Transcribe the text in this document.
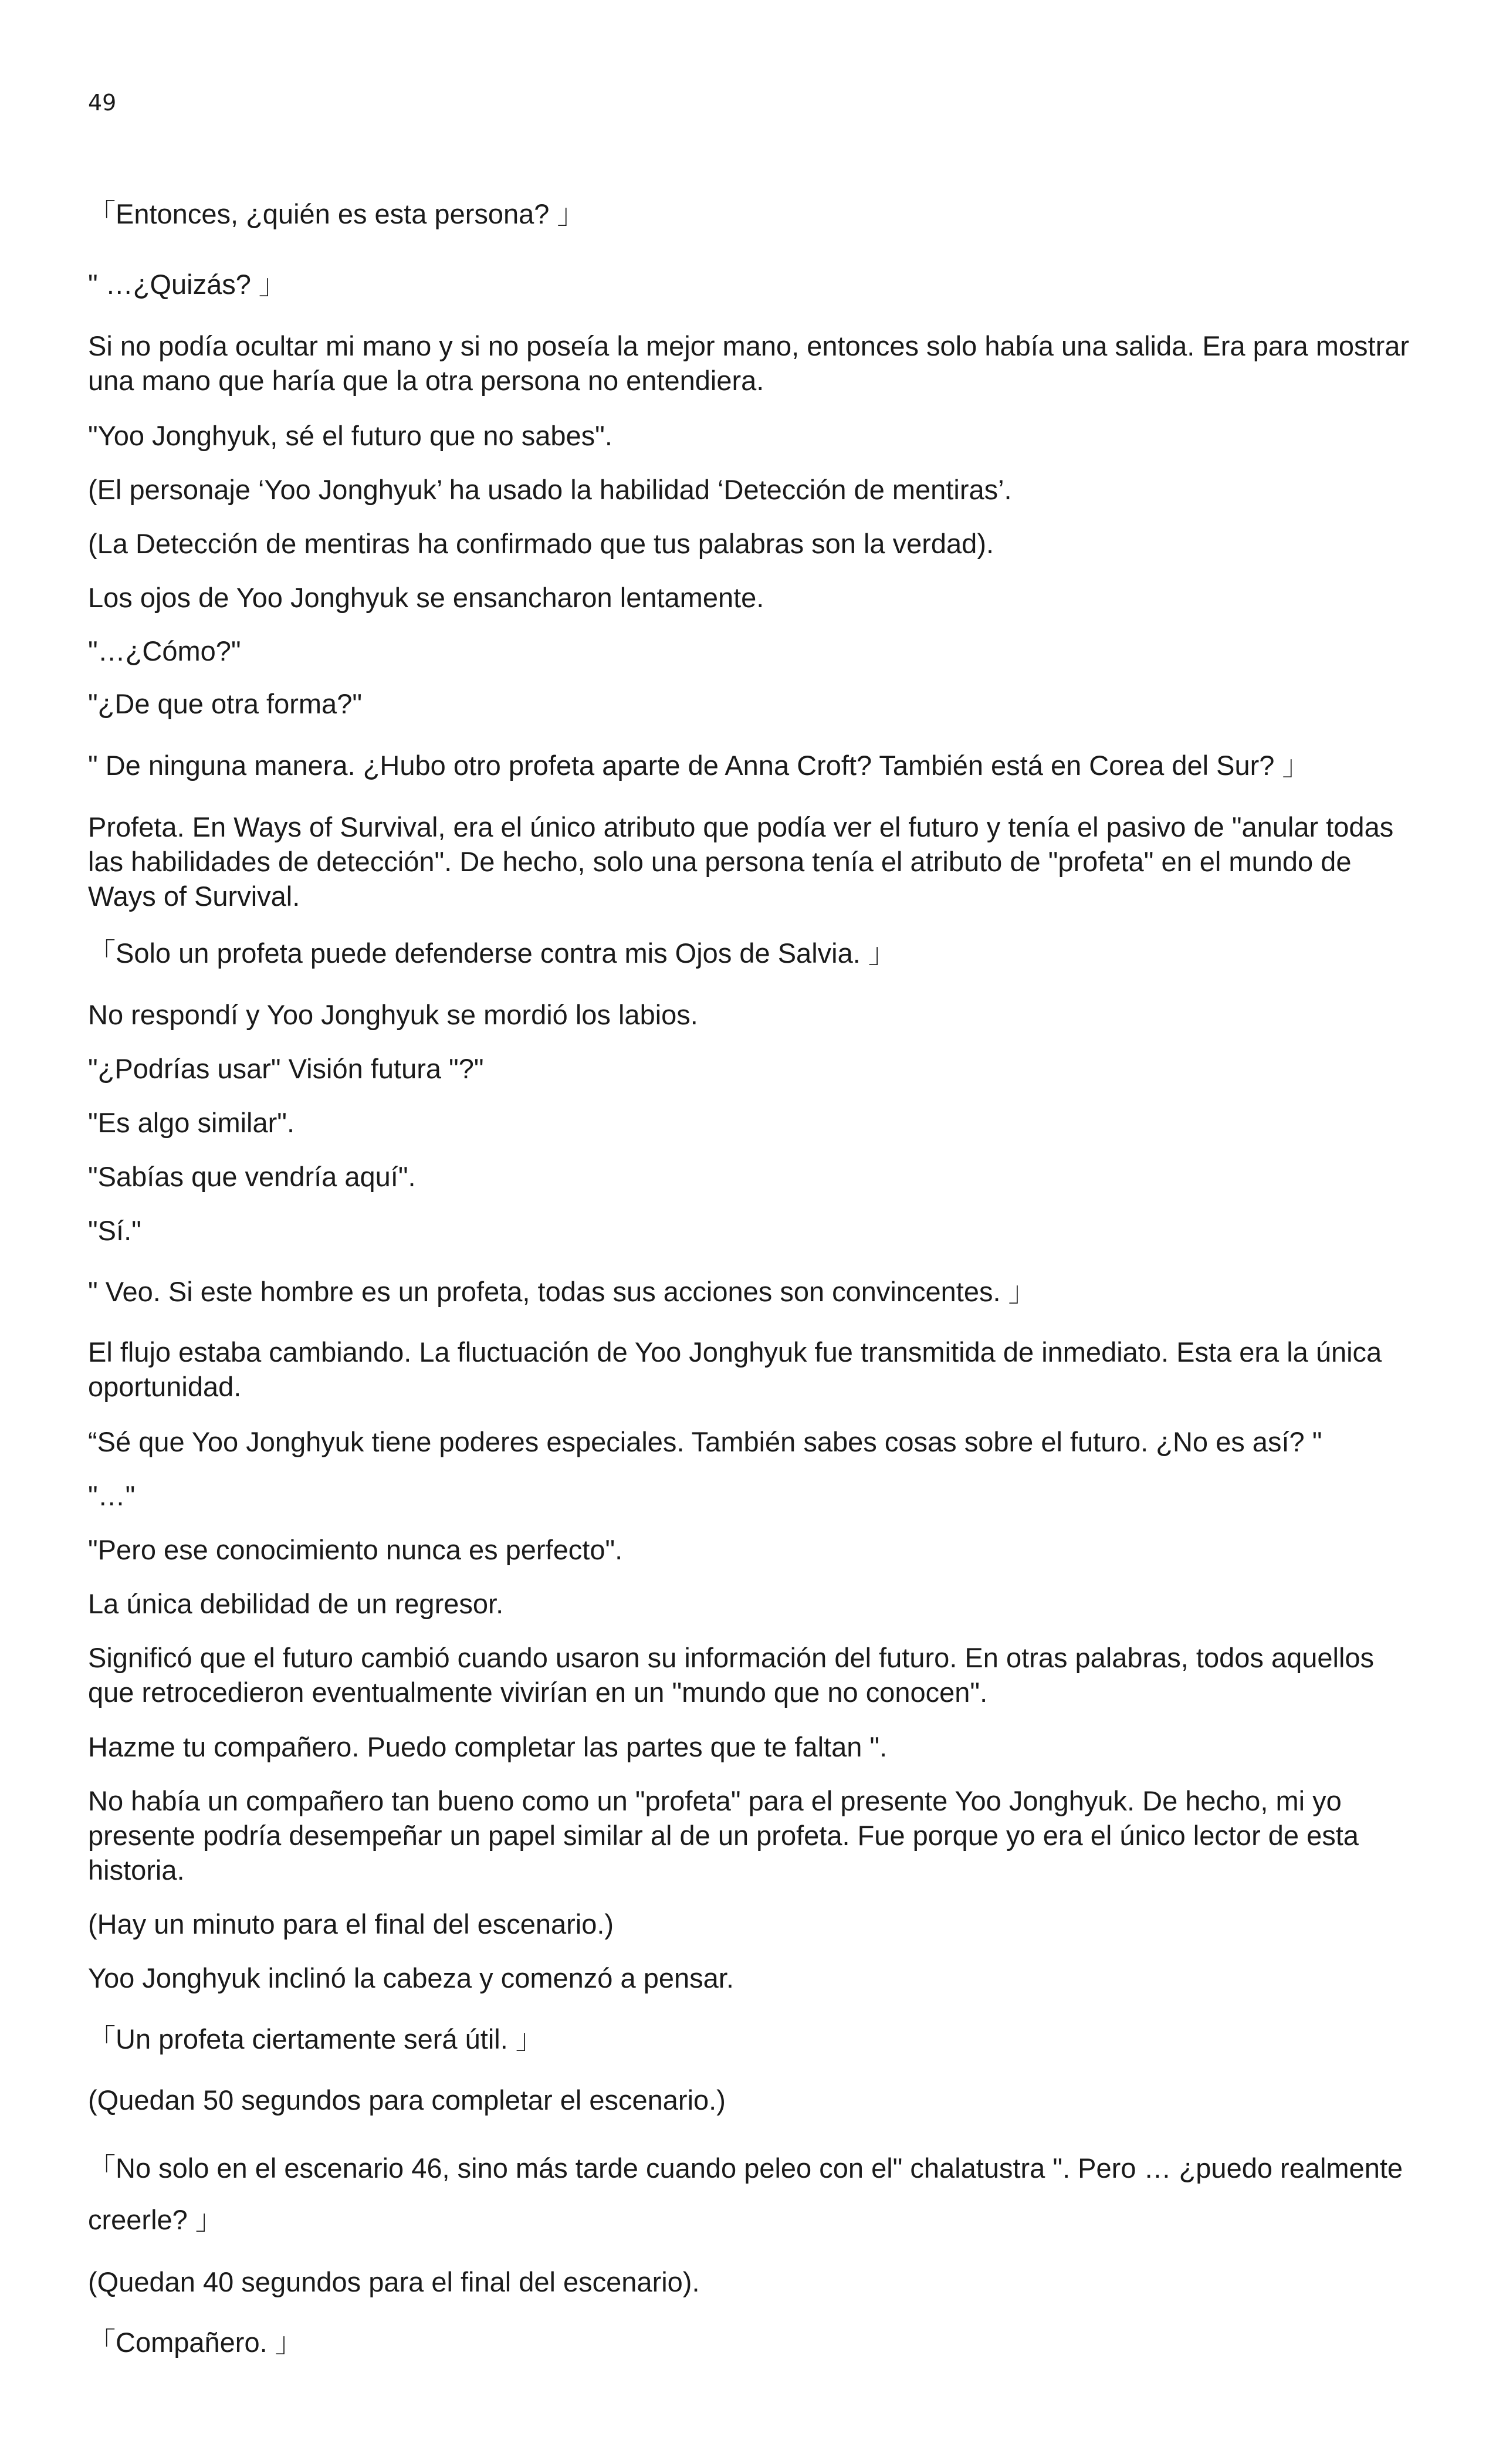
49
「Entonces, ¿quién es esta persona? 」
" …¿Quizás? 」
Si no podía ocultar mi mano y si no poseía la mejor mano, entonces solo había una salida. Era para mostrar una mano que haría que la otra persona no entendiera.
"Yoo Jonghyuk, sé el futuro que no sabes".
(El personaje ‘Yoo Jonghyuk’ ha usado la habilidad ‘Detección de mentiras’.
(La Detección de mentiras ha confirmado que tus palabras son la verdad).
Los ojos de Yoo Jonghyuk se ensancharon lentamente.
"…¿Cómo?"
"¿De que otra forma?"
" De ninguna manera. ¿Hubo otro profeta aparte de Anna Croft? También está en Corea del Sur? 」
Profeta. En Ways of Survival, era el único atributo que podía ver el futuro y tenía el pasivo de "anular todas las habilidades de detección". De hecho, solo una persona tenía el atributo de "profeta" en el mundo de Ways of Survival.
「Solo un profeta puede defenderse contra mis Ojos de Salvia. 」
No respondí y Yoo Jonghyuk se mordió los labios.
"¿Podrías usar" Visión futura "?"
"Es algo similar".
"Sabías que vendría aquí".
"Sí."
" Veo. Si este hombre es un profeta, todas sus acciones son convincentes. 」
El flujo estaba cambiando. La fluctuación de Yoo Jonghyuk fue transmitida de inmediato. Esta era la única oportunidad.
“Sé que Yoo Jonghyuk tiene poderes especiales. También sabes cosas sobre el futuro. ¿No es así? "
"…"
"Pero ese conocimiento nunca es perfecto".
La única debilidad de un regresor.
Significó que el futuro cambió cuando usaron su información del futuro. En otras palabras, todos aquellos que retrocedieron eventualmente vivirían en un "mundo que no conocen".
Hazme tu compañero. Puedo completar las partes que te faltan ".
No había un compañero tan bueno como un "profeta" para el presente Yoo Jonghyuk. De hecho, mi yo presente podría desempeñar un papel similar al de un profeta. Fue porque yo era el único lector de esta historia.
(Hay un minuto para el final del escenario.)
Yoo Jonghyuk inclinó la cabeza y comenzó a pensar.
「Un profeta ciertamente será útil. 」
(Quedan 50 segundos para completar el escenario.)
「No solo en el escenario 46, sino más tarde cuando peleo con el" chalatustra ". Pero … ¿puedo realmente creerle? 」
(Quedan 40 segundos para el final del escenario).
「Compañero. 」
